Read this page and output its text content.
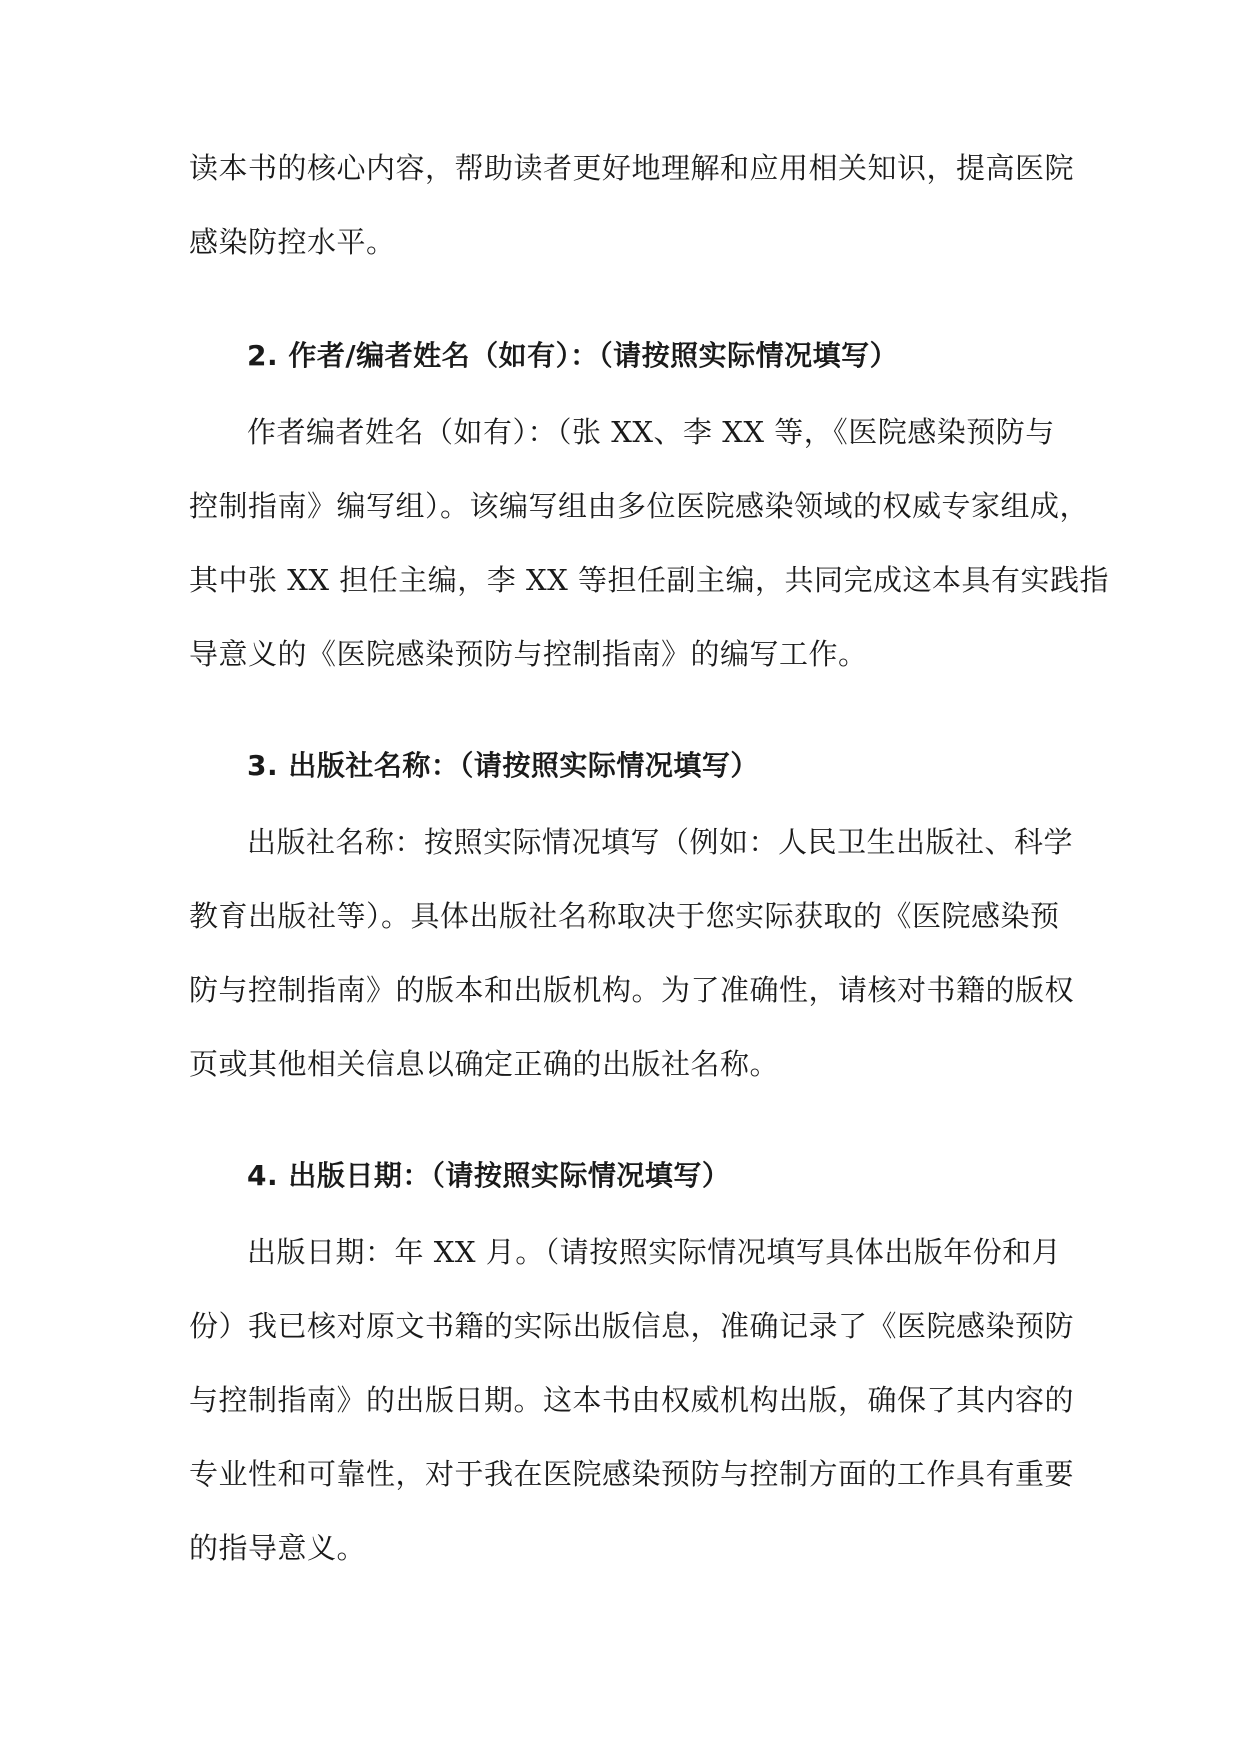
读本书的核心内容，帮助读者更好地理解和应用相关知识，提高医院
感染防控水平。
2. 作者/编者姓名（如有）：（请按照实际情况填写）
作者编者姓名（如有）：（张 XX、李 XX 等，《医院感染预防与
控制指南》编写组）。该编写组由多位医院感染领域的权威专家组成，
其中张 XX 担任主编，李 XX 等担任副主编，共同完成这本具有实践指
导意义的《医院感染预防与控制指南》的编写工作。
3. 出版社名称：（请按照实际情况填写）
出版社名称：按照实际情况填写（例如：人民卫生出版社、科学
教育出版社等）。具体出版社名称取决于您实际获取的《医院感染预
防与控制指南》的版本和出版机构。为了准确性，请核对书籍的版权
页或其他相关信息以确定正确的出版社名称。
4. 出版日期：（请按照实际情况填写）
出版日期：年 XX 月。（请按照实际情况填写具体出版年份和月
份）我已核对原文书籍的实际出版信息，准确记录了《医院感染预防
与控制指南》的出版日期。这本书由权威机构出版，确保了其内容的
专业性和可靠性，对于我在医院感染预防与控制方面的工作具有重要
的指导意义。
